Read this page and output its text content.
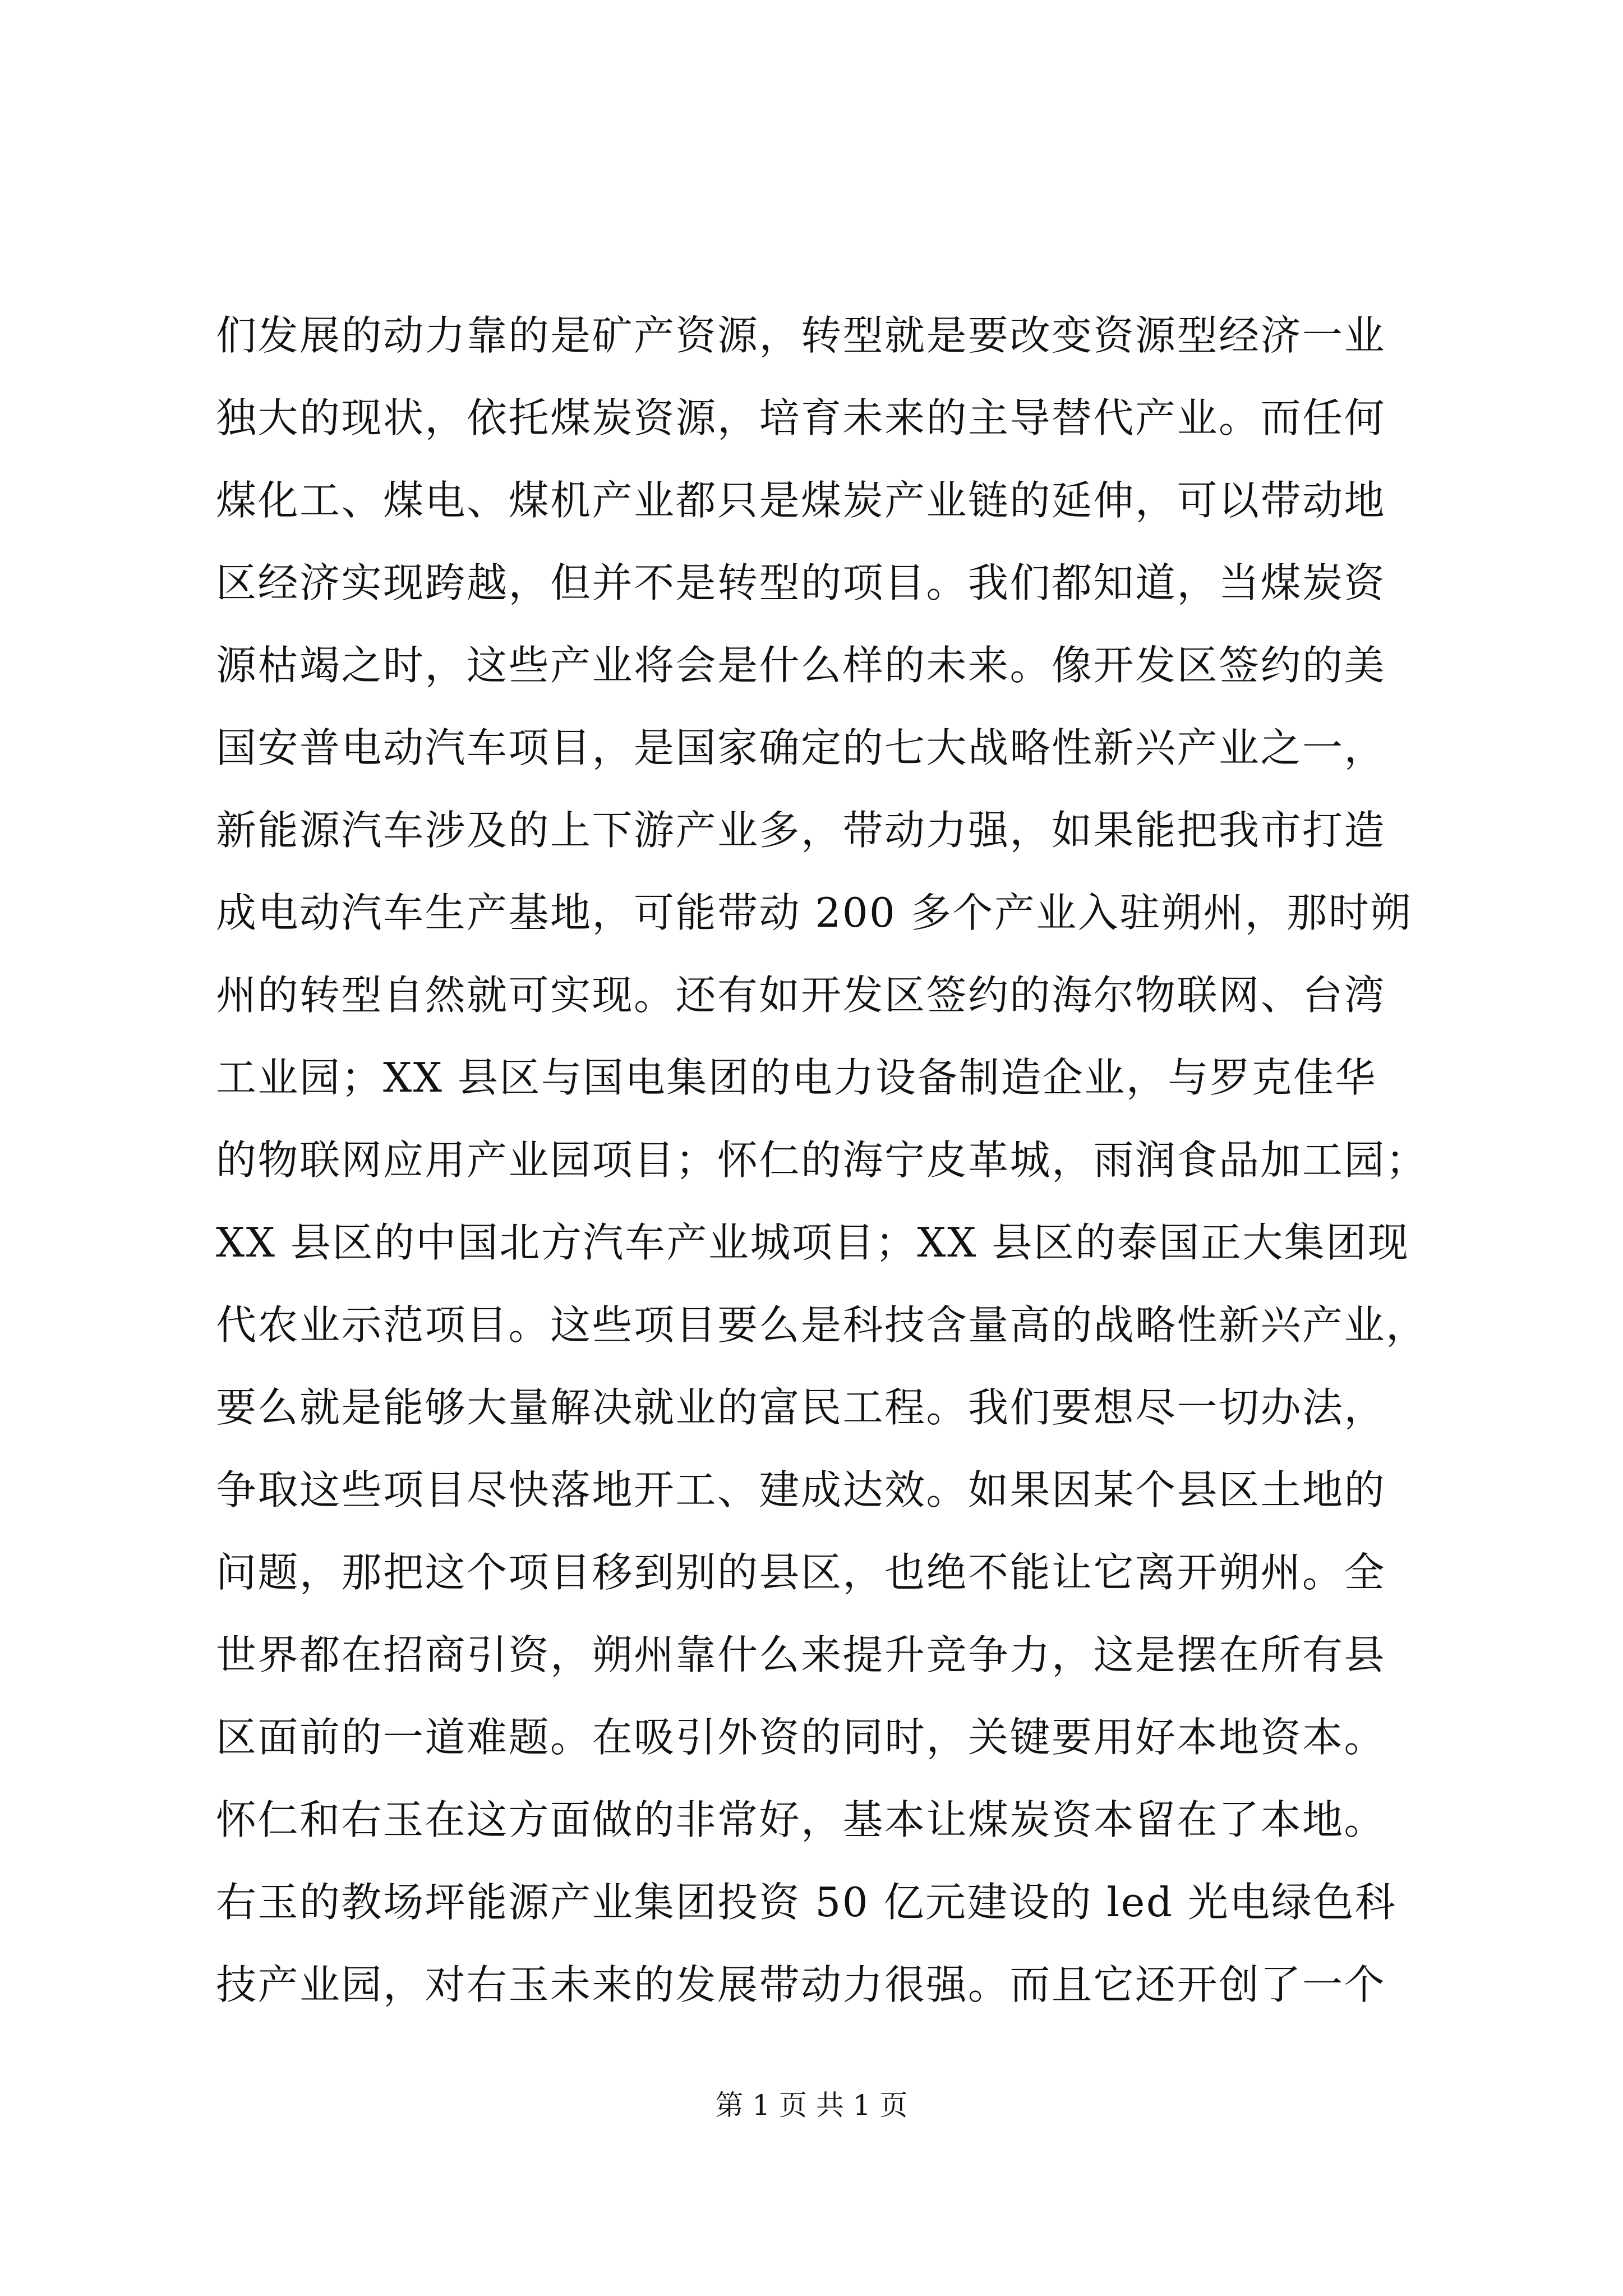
们发展的动力靠的是矿产资源，转型就是要改变资源型经济一业
独大的现状，依托煤炭资源，培育未来的主导替代产业。而任何
煤化工、煤电、煤机产业都只是煤炭产业链的延伸，可以带动地
区经济实现跨越，但并不是转型的项目。我们都知道，当煤炭资
源枯竭之时，这些产业将会是什么样的未来。像开发区签约的美
国安普电动汽车项目，是国家确定的七大战略性新兴产业之一，
新能源汽车涉及的上下游产业多，带动力强，如果能把我市打造
成电动汽车生产基地，可能带动 200 多个产业入驻朔州，那时朔
州的转型自然就可实现。还有如开发区签约的海尔物联网、台湾
工业园；XX 县区与国电集团的电力设备制造企业，与罗克佳华
的物联网应用产业园项目；怀仁的海宁皮革城，雨润食品加工园；
XX 县区的中国北方汽车产业城项目；XX 县区的泰国正大集团现
代农业示范项目。这些项目要么是科技含量高的战略性新兴产业，
要么就是能够大量解决就业的富民工程。我们要想尽一切办法，
争取这些项目尽快落地开工、建成达效。如果因某个县区土地的
问题，那把这个项目移到别的县区，也绝不能让它离开朔州。全
世界都在招商引资，朔州靠什么来提升竞争力，这是摆在所有县
区面前的一道难题。在吸引外资的同时，关键要用好本地资本。
怀仁和右玉在这方面做的非常好，基本让煤炭资本留在了本地。
右玉的教场坪能源产业集团投资 50 亿元建设的 led 光电绿色科
技产业园，对右玉未来的发展带动力很强。而且它还开创了一个
第 1 页 共 1 页
